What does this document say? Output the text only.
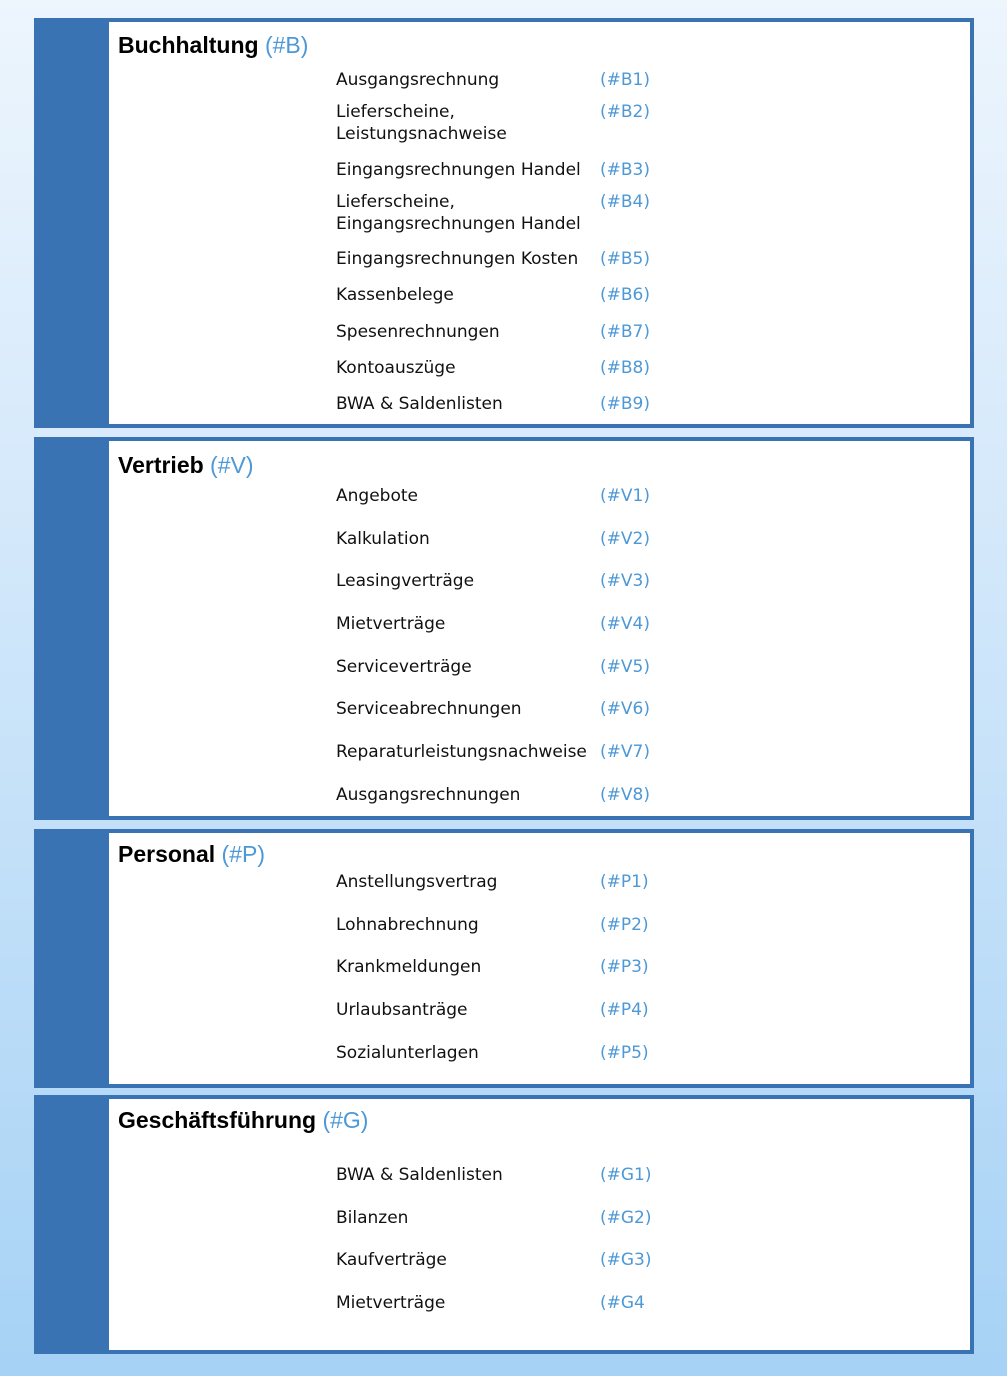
Buchhaltung (#B)
Ausgangsrechnung	(#B1)
Lieferscheine,
Leistungsnachweise
(#B2)
Eingangsrechnungen Handel	(#B3)
Lieferscheine,
Eingangsrechnungen Handel
(#B4)
Eingangsrechnungen Kosten	(#B5)
Kassenbelege	(#B6)
Spesenrechnungen	(#B7)
Kontoauszüge	(#B8)
BWA & Saldenlisten	(#B9)
Vertrieb (#V)
Angebote	(#V1)
Kalkulation	(#V2)
Leasingverträge	(#V3)
Mietverträge	(#V4)
Serviceverträge	(#V5)
Serviceabrechnungen	(#V6)
Reparaturleistungsnachweise (#V7)
Ausgangsrechnungen	(#V8)
Personal (#P)
Anstellungsvertrag	(#P1)
Lohnabrechnung	(#P2)
Krankmeldungen	(#P3)
Urlaubsanträge	(#P4)
Sozialunterlagen	(#P5)
Geschäftsführung (#G)
BWA & Saldenlisten	(#G1)
Bilanzen	(#G2)
Kaufverträge	(#G3)
Mietverträge	(#G4
